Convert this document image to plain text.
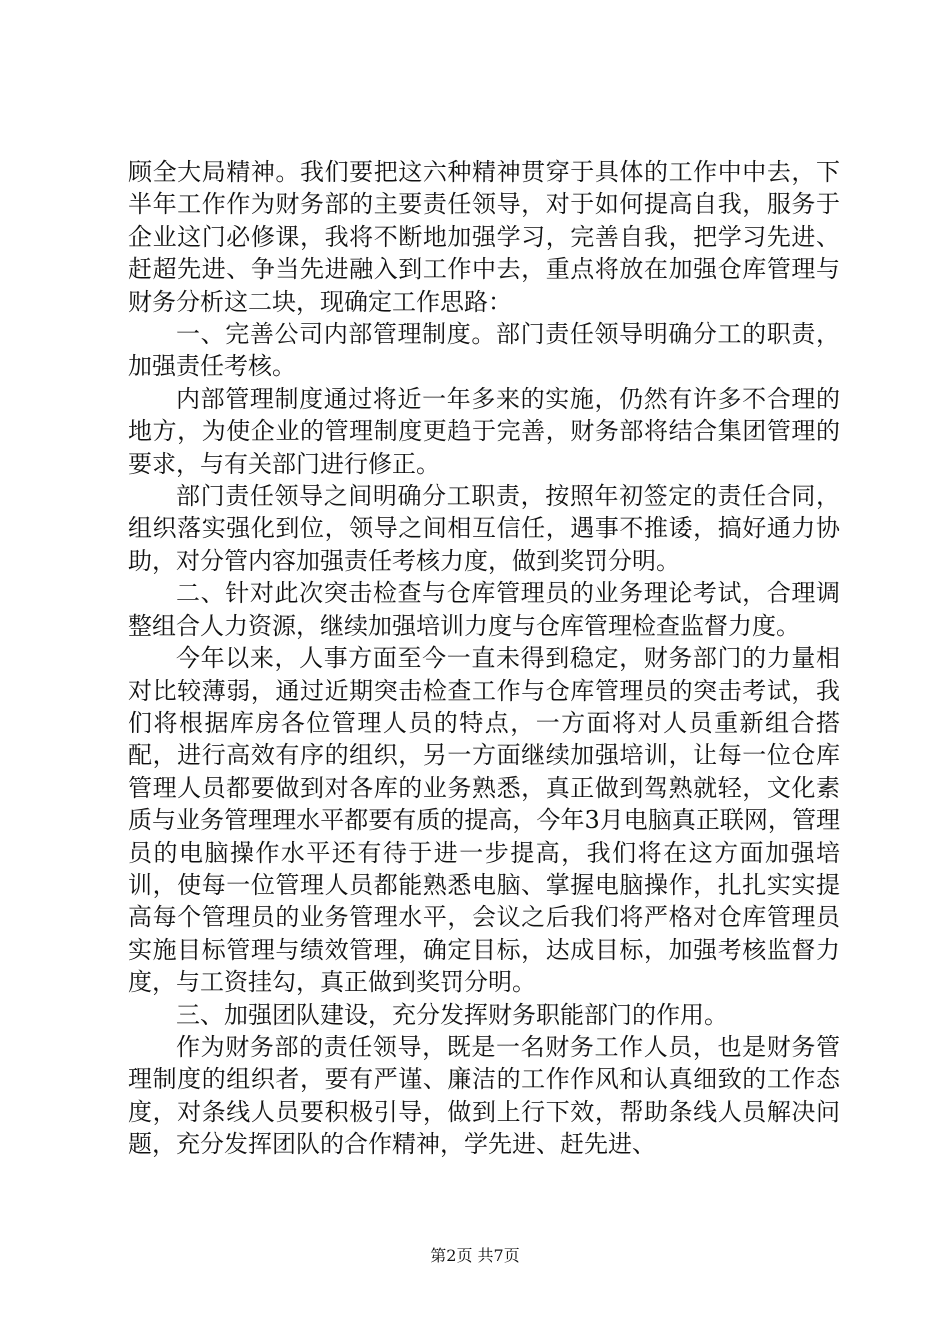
顾全大局精神。我们要把这六种精神贯穿于具体的工作中中去，下半年工作作为财务部的主要责任领导，对于如何提高自我，服务于企业这门必修课，我将不断地加强学习，完善自我，把学习先进、赶超先进、争当先进融入到工作中去，重点将放在加强仓库管理与财务分析这二块，现确定工作思路：

一、完善公司内部管理制度。部门责任领导明确分工的职责，加强责任考核。

内部管理制度通过将近一年多来的实施，仍然有许多不合理的地方，为使企业的管理制度更趋于完善，财务部将结合集团管理的要求，与有关部门进行修正。

部门责任领导之间明确分工职责，按照年初签定的责任合同，组织落实强化到位，领导之间相互信任，遇事不推诿，搞好通力协助，对分管内容加强责任考核力度，做到奖罚分明。

二、针对此次突击检查与仓库管理员的业务理论考试，合理调整组合人力资源，继续加强培训力度与仓库管理检查监督力度。

今年以来，人事方面至今一直未得到稳定，财务部门的力量相对比较薄弱，通过近期突击检查工作与仓库管理员的突击考试，我们将根据库房各位管理人员的特点，一方面将对人员重新组合搭配，进行高效有序的组织，另一方面继续加强培训，让每一位仓库管理人员都要做到对各库的业务熟悉，真正做到驾熟就轻，文化素质与业务管理理水平都要有质的提高，今年3月电脑真正联网，管理员的电脑操作水平还有待于进一步提高，我们将在这方面加强培训，使每一位管理人员都能熟悉电脑、掌握电脑操作，扎扎实实提高每个管理员的业务管理水平，会议之后我们将严格对仓库管理员实施目标管理与绩效管理，确定目标，达成目标，加强考核监督力度，与工资挂勾，真正做到奖罚分明。

三、加强团队建设，充分发挥财务职能部门的作用。

作为财务部的责任领导，既是一名财务工作人员，也是财务管理制度的组织者，要有严谨、廉洁的工作作风和认真细致的工作态度，对条线人员要积极引导，做到上行下效，帮助条线人员解决问题，充分发挥团队的合作精神，学先进、赶先进、

第2页 共7页
